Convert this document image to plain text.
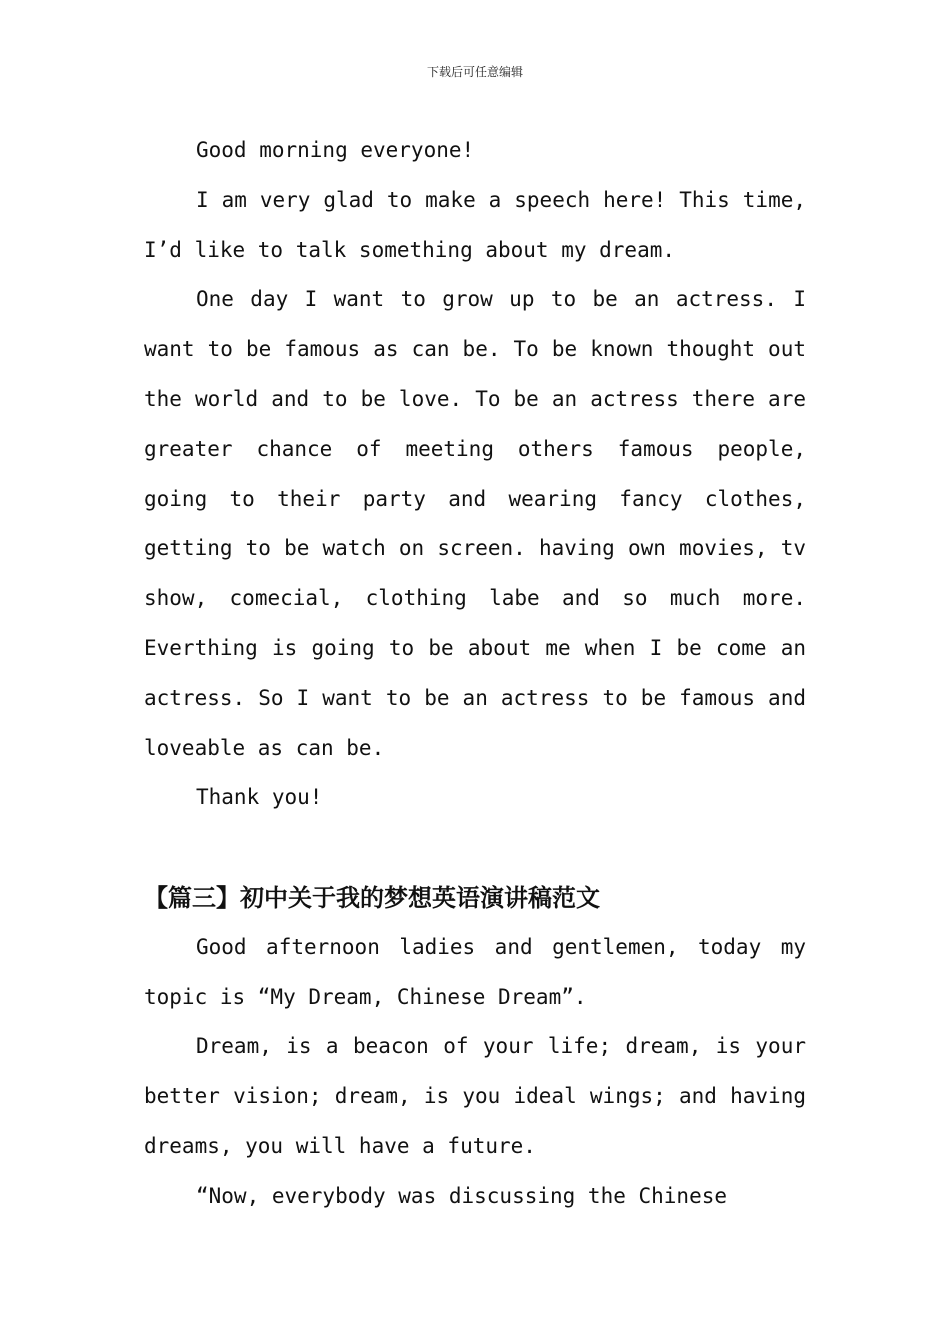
下载后可任意编辑

Good morning everyone!

I am very glad to make a speech here! This time, I’d like to talk something about my dream.

One day I want to grow up to be an actress. I want to be famous as can be. To be known thought out the world and to be love. To be an actress there are greater chance of meeting others famous people, going to their party and wearing fancy clothes, getting to be watch on screen. having own movies, tv show, comecial, clothing labe and so much more. Everthing is going to be about me when I be come an actress. So I want to be an actress to be famous and loveable as can be.

Thank you!

【篇三】初中关于我的梦想英语演讲稿范文

Good afternoon ladies and gentlemen, today my topic is “My Dream, Chinese Dream”.

Dream, is a beacon of your life; dream, is your better vision; dream, is you ideal wings; and having dreams, you will have a future.

“Now, everybody was discussing the Chinese
